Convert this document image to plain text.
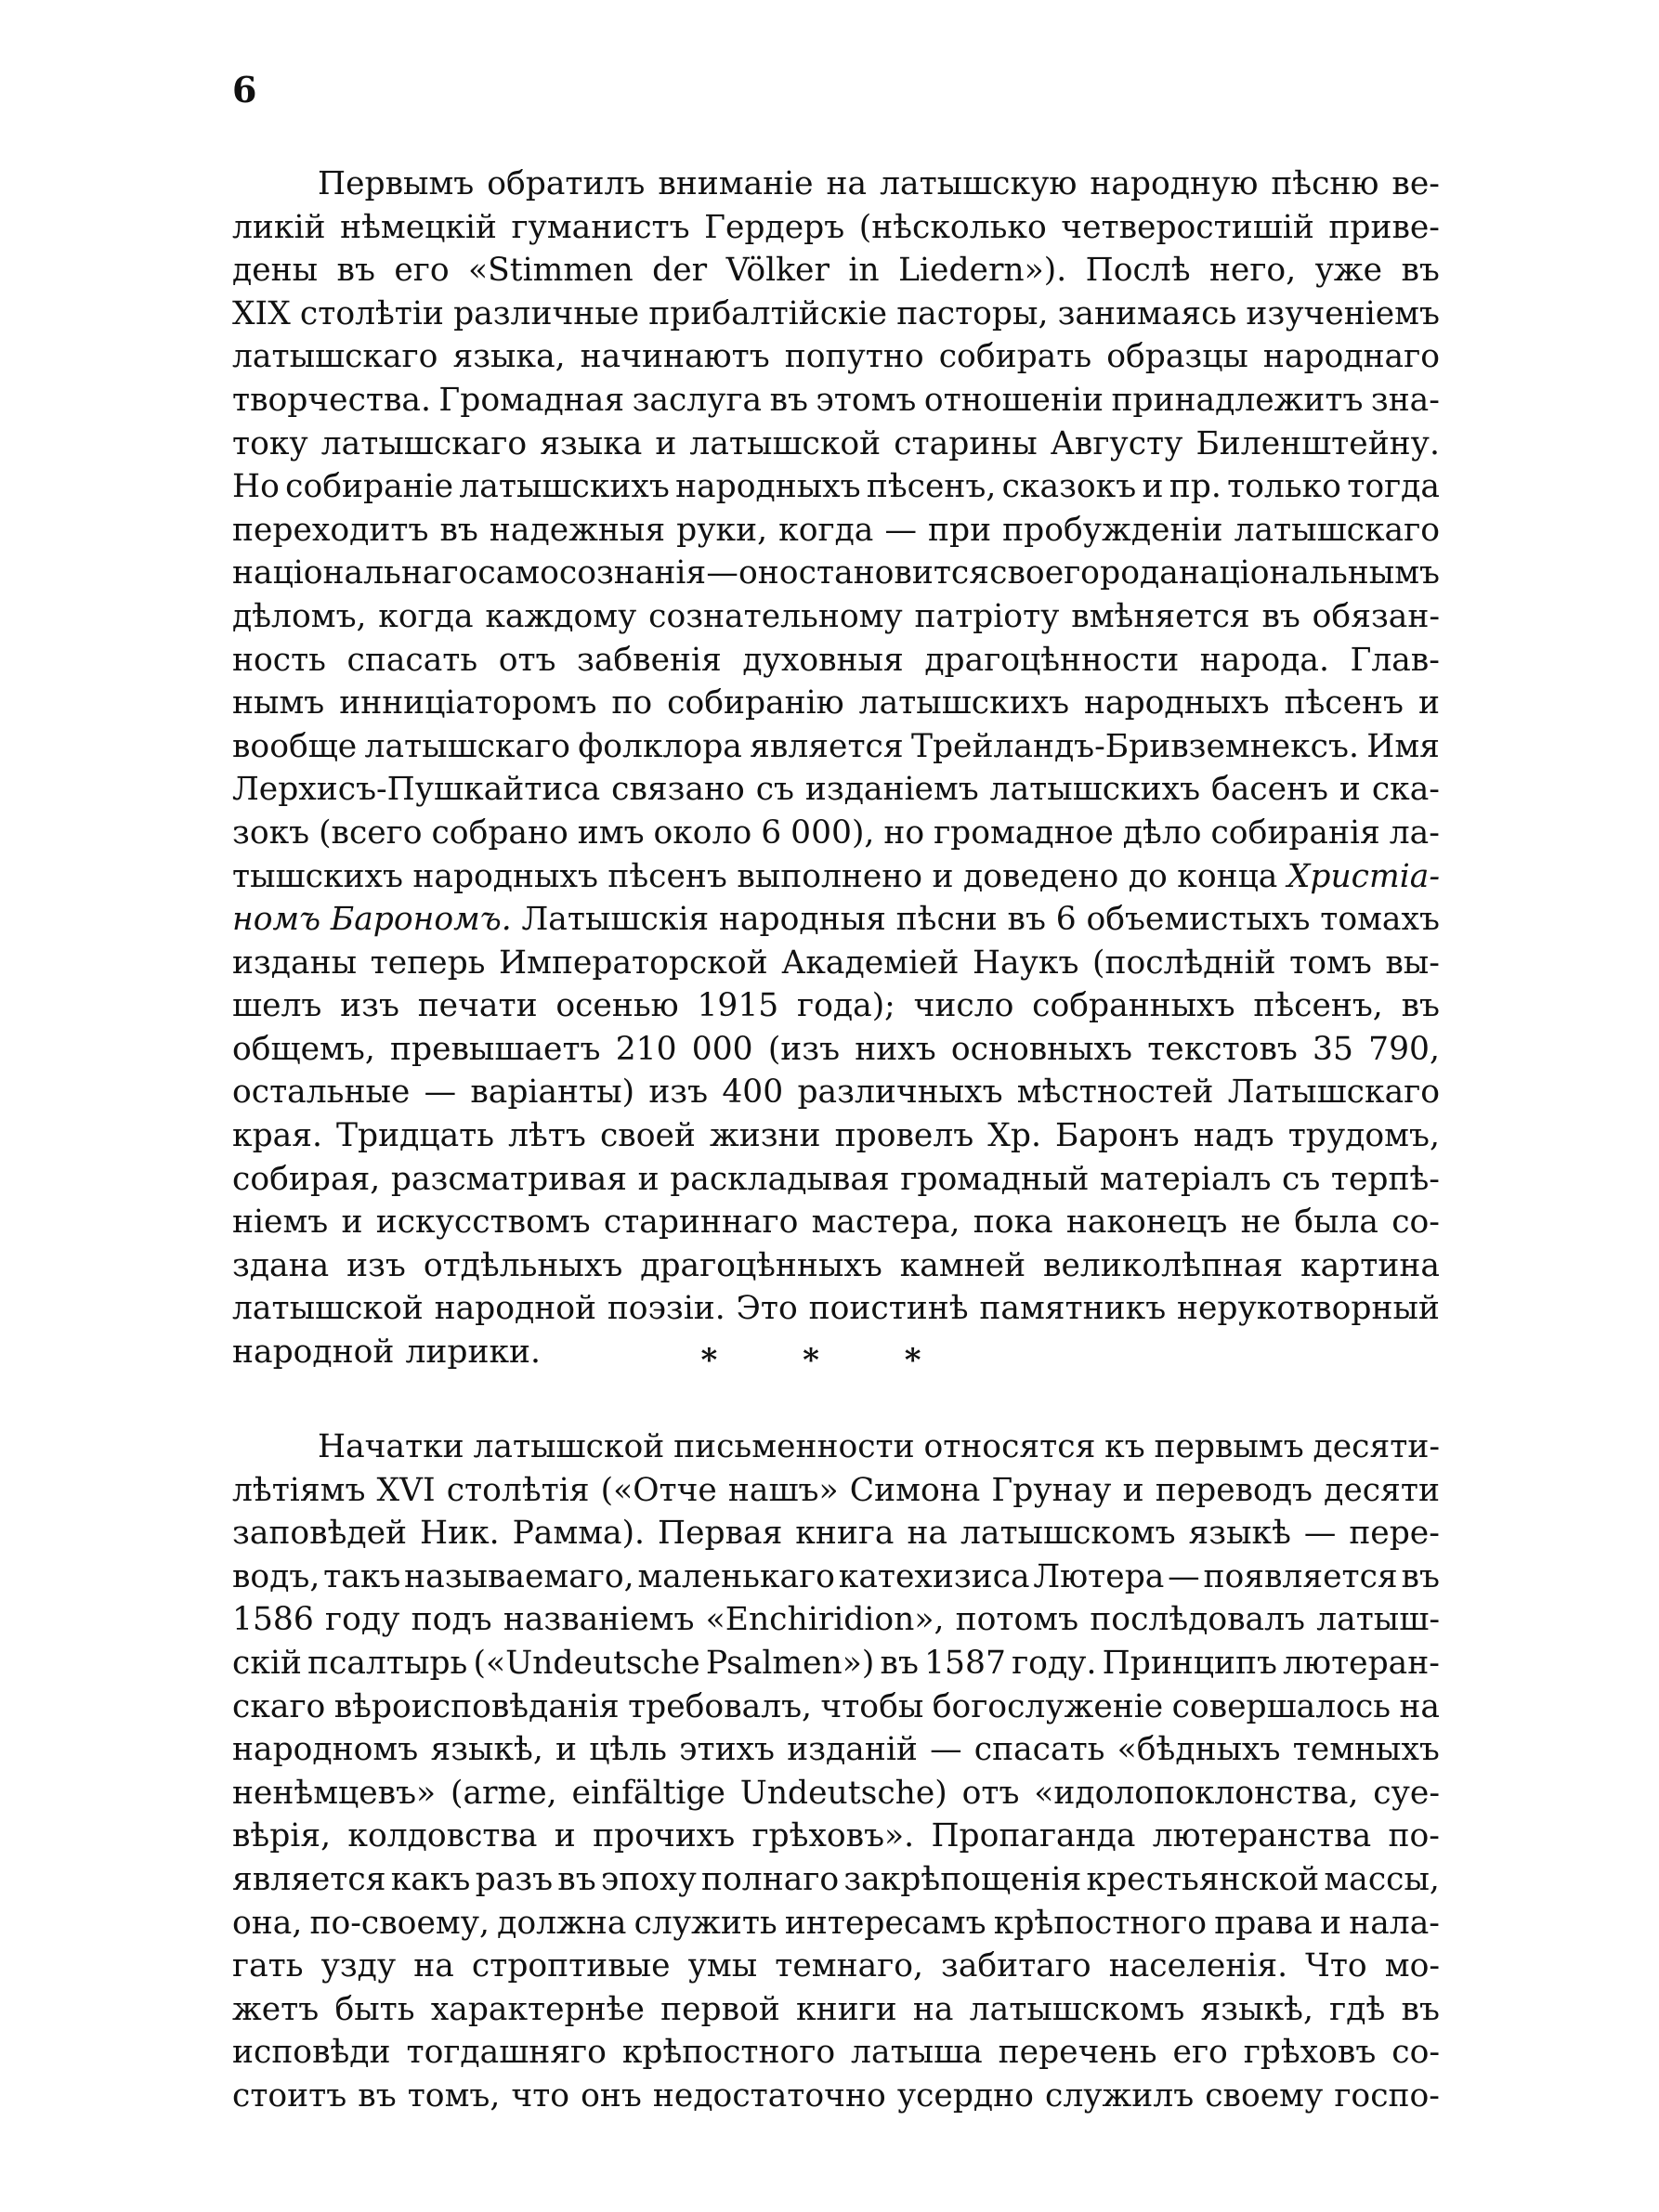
6
Первымъ обратилъ вниманіе на латышскую народную пѣсню ве-
ликій нѣмецкій гуманистъ Гердеръ (нѣсколько четверостишій приве-
дены въ его «Stimmen der Völker in Liedern»). Послѣ него, уже въ
XIX столѣтіи различные прибалтійскіе пасторы, занимаясь изученіемъ
латышскаго языка, начинаютъ попутно собирать образцы народнаго
творчества. Громадная заслуга въ этомъ отношеніи принадлежитъ зна-
току латышскаго языка и латышской старины Августу Биленштейну.
Но собираніе латышскихъ народныхъ пѣсенъ, сказокъ и пр. только тогда
переходитъ въ надежныя руки, когда — при пробужденіи латышскаго
національнаго самосознанія — оно становится своего рода національнымъ
дѣломъ, когда каждому сознательному патріоту вмѣняется въ обязан-
ность спасать отъ забвенія духовныя драгоцѣнности народа. Глав-
нымъ инниціаторомъ по собиранію латышскихъ народныхъ пѣсенъ и
вообще латышскаго фолклора является Трейландъ-Бривземнексъ. Имя
Лерхисъ-Пушкайтиса связано съ изданіемъ латышскихъ басенъ и ска-
зокъ (всего собрано имъ около 6 000), но громадное дѣло собиранія ла-
тышскихъ народныхъ пѣсенъ выполнено и доведено до конца Христіа-
номъ Барономъ. Латышскія народныя пѣсни въ 6 объемистыхъ томахъ
изданы теперь Императорской Академіей Наукъ (послѣдній томъ вы-
шелъ изъ печати осенью 1915 года); число собранныхъ пѣсенъ, въ
общемъ, превышаетъ 210 000 (изъ нихъ основныхъ текстовъ 35 790,
остальные — варіанты) изъ 400 различныхъ мѣстностей Латышскаго
края. Тридцать лѣтъ своей жизни провелъ Хр. Баронъ надъ трудомъ,
собирая, разсматривая и раскладывая громадный матеріалъ съ терпѣ-
ніемъ и искусствомъ стариннаго мастера, пока наконецъ не была со-
здана изъ отдѣльныхъ драгоцѣнныхъ камней великолѣпная картина
латышской народной поэзіи. Это поистинѣ памятникъ нерукотворный
народной лирики.	* * *
Начатки латышской письменности относятся къ первымъ десяти-
лѣтіямъ XVI столѣтія («Отче нашъ» Симона Грунау и переводъ десяти
заповѣдей Ник. Рамма). Первая книга на латышскомъ языкѣ — пере-
водъ, такъ называемаго, маленькаго катехизиса Лютера — появляется въ
1586 году подъ названіемъ «Enchiridion», потомъ послѣдовалъ латыш-
скій псалтырь («Undeutsche Psalmen») въ 1587 году. Принципъ лютеран-
скаго вѣроисповѣданія требовалъ, чтобы богослуженіе совершалось на
народномъ языкѣ, и цѣль этихъ изданій — спасать «бѣдныхъ темныхъ
ненѣмцевъ» (arme, einfältige Undeutsche) отъ «идолопоклонства, суе-
вѣрія, колдовства и прочихъ грѣховъ». Пропаганда лютеранства по-
является какъ разъ въ эпоху полнаго закрѣпощенія крестьянской массы,
она, по-своему, должна служить интересамъ крѣпостного права и нала-
гать узду на строптивые умы темнаго, забитаго населенія. Что мо-
жетъ быть характернѣе первой книги на латышскомъ языкѣ, гдѣ въ
исповѣди тогдашняго крѣпостного латыша перечень его грѣховъ со-
стоитъ въ томъ, что онъ недостаточно усердно служилъ своему госпо-
